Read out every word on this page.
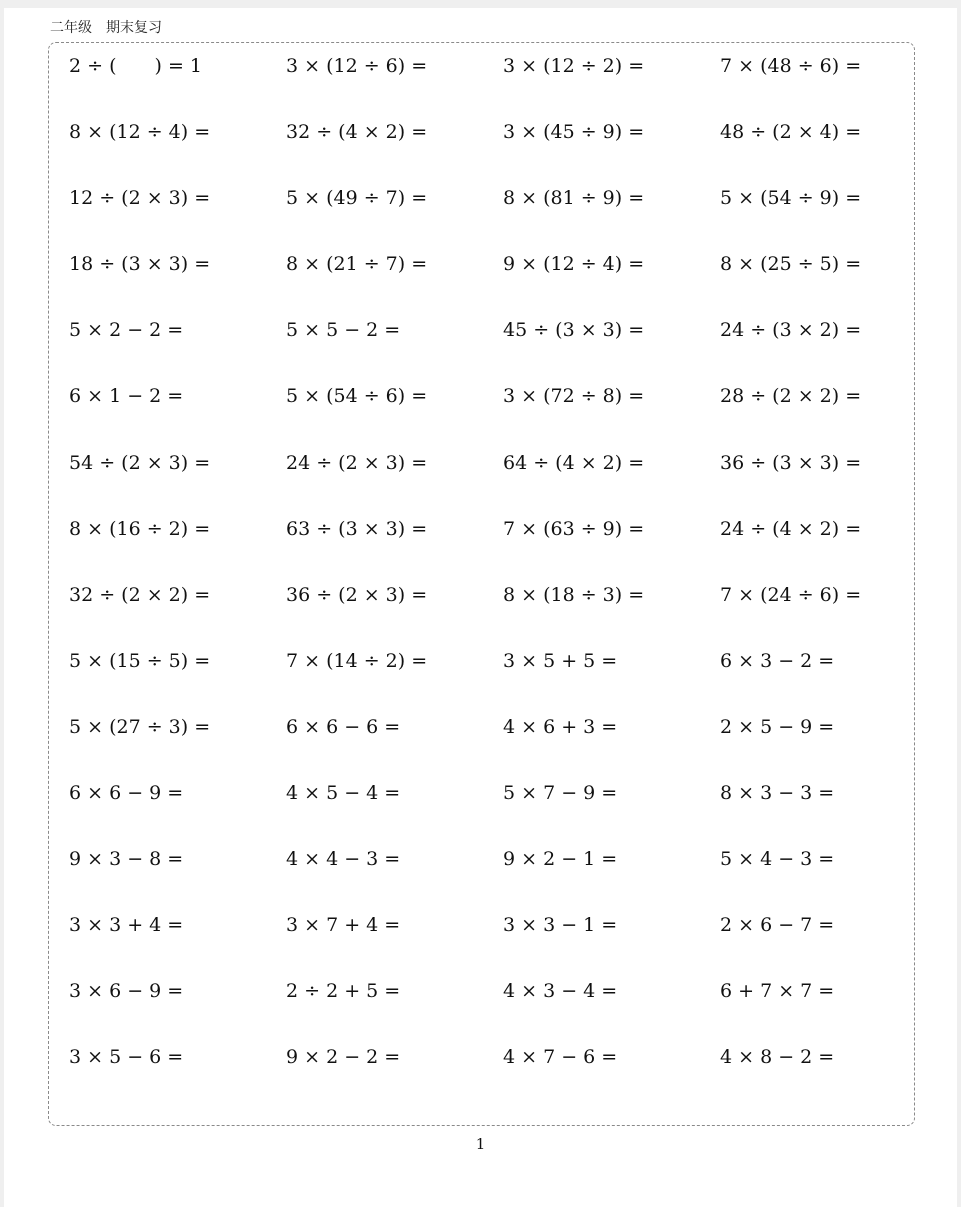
二年级　期末复习
2 ÷ (　　) = 1	3 × (12 ÷ 6) =	3 × (12 ÷ 2) =	7 × (48 ÷ 6) =
8 × (12 ÷ 4) =	32 ÷ (4 × 2) =	3 × (45 ÷ 9) =	48 ÷ (2 × 4) =
12 ÷ (2 × 3) =	5 × (49 ÷ 7) =	8 × (81 ÷ 9) =	5 × (54 ÷ 9) =
18 ÷ (3 × 3) =	8 × (21 ÷ 7) =	9 × (12 ÷ 4) =	8 × (25 ÷ 5) =
5 × 2 − 2 =	5 × 5 − 2 =	45 ÷ (3 × 3) =	24 ÷ (3 × 2) =
6 × 1 − 2 =	5 × (54 ÷ 6) =	3 × (72 ÷ 8) =	28 ÷ (2 × 2) =
54 ÷ (2 × 3) =	24 ÷ (2 × 3) =	64 ÷ (4 × 2) =	36 ÷ (3 × 3) =
8 × (16 ÷ 2) =	63 ÷ (3 × 3) =	7 × (63 ÷ 9) =	24 ÷ (4 × 2) =
32 ÷ (2 × 2) =	36 ÷ (2 × 3) =	8 × (18 ÷ 3) =	7 × (24 ÷ 6) =
5 × (15 ÷ 5) =	7 × (14 ÷ 2) =	3 × 5 + 5 =	6 × 3 − 2 =
5 × (27 ÷ 3) =	6 × 6 − 6 =	4 × 6 + 3 =	2 × 5 − 9 =
6 × 6 − 9 =	4 × 5 − 4 =	5 × 7 − 9 =	8 × 3 − 3 =
9 × 3 − 8 =	4 × 4 − 3 =	9 × 2 − 1 =	5 × 4 − 3 =
3 × 3 + 4 =	3 × 7 + 4 =	3 × 3 − 1 =	2 × 6 − 7 =
3 × 6 − 9 =	2 ÷ 2 + 5 =	4 × 3 − 4 =	6 + 7 × 7 =
3 × 5 − 6 =	9 × 2 − 2 =	4 × 7 − 6 =	4 × 8 − 2 =
1
